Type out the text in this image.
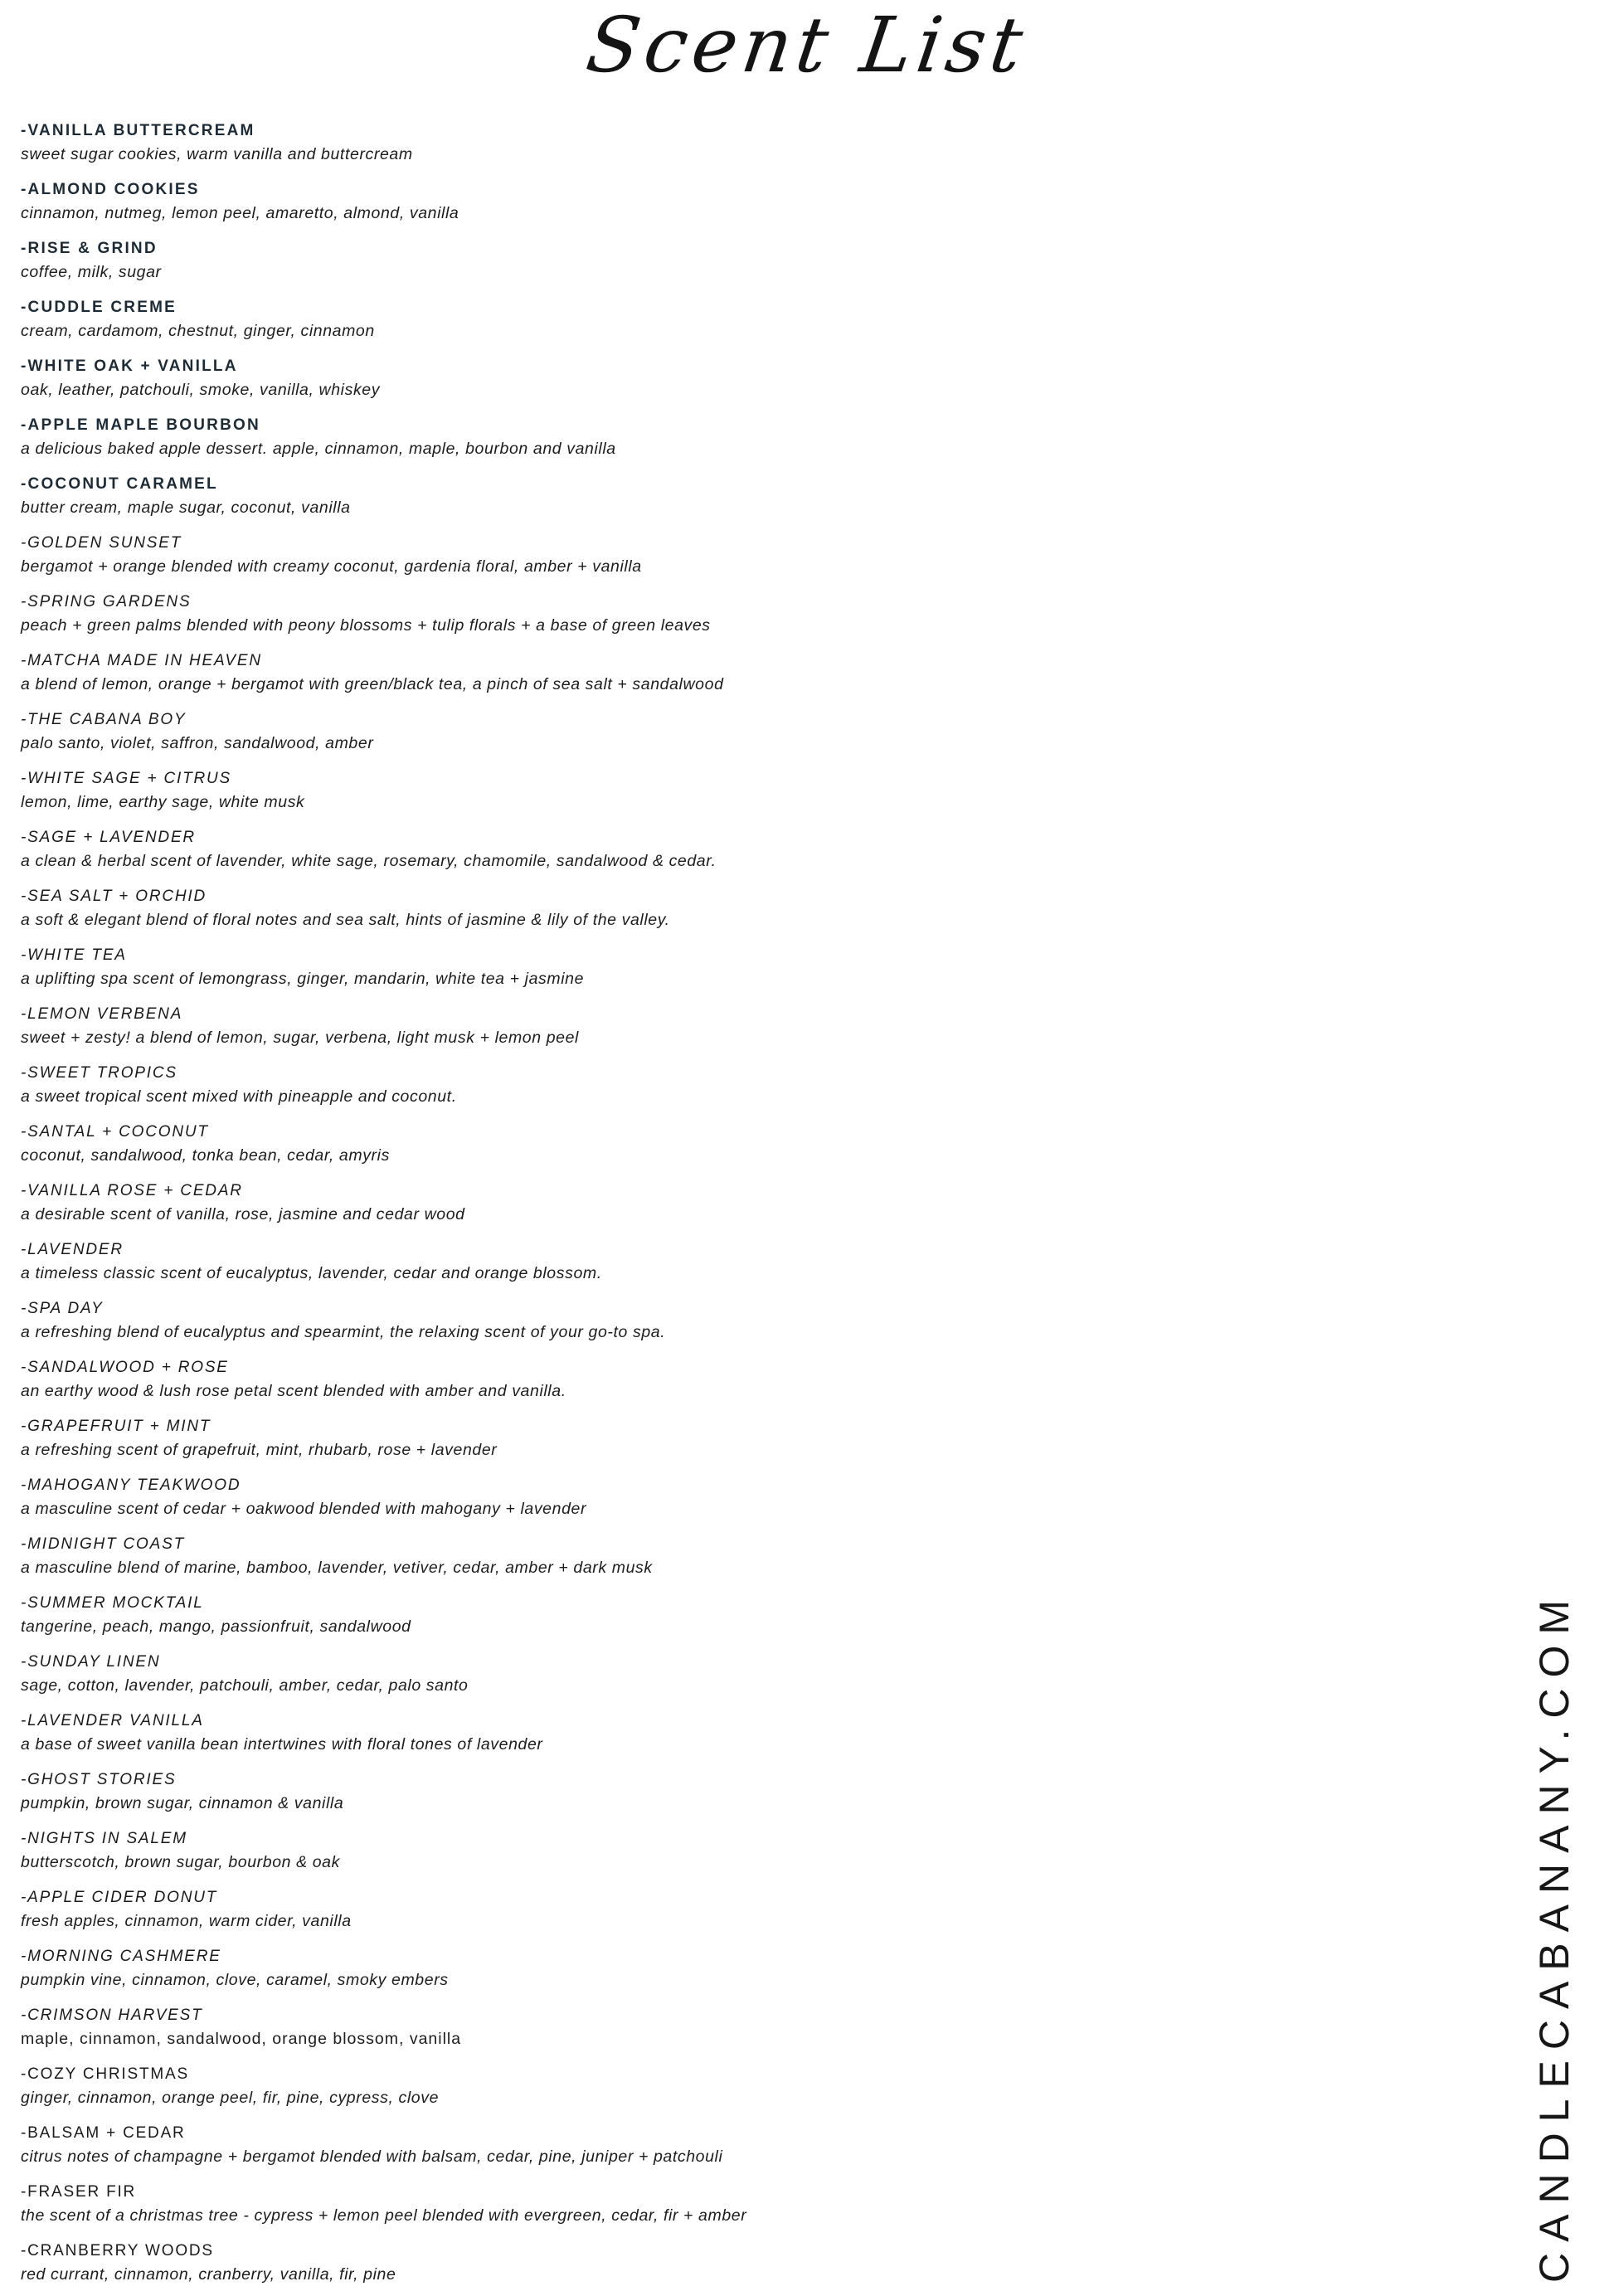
Scent List
-VANILLA BUTTERCREAM

sweet sugar cookies, warm vanilla and buttercream

-ALMOND COOKIES

cinnamon, nutmeg, lemon peel, amaretto, almond, vanilla

-RISE & GRIND

coffee, milk, sugar

-CUDDLE CREME

cream, cardamom, chestnut, ginger, cinnamon

-WHITE OAK + VANILLA

oak, leather, patchouli, smoke, vanilla, whiskey

-APPLE MAPLE BOURBON

a delicious baked apple dessert. apple, cinnamon, maple, bourbon and vanilla

-COCONUT CARAMEL

butter cream, maple sugar, coconut, vanilla

-GOLDEN SUNSET

bergamot + orange blended with creamy coconut, gardenia floral, amber + vanilla

-SPRING GARDENS

peach + green palms blended with peony blossoms + tulip florals + a base of green leaves

-MATCHA MADE IN HEAVEN

a blend of lemon, orange + bergamot with green/black tea, a pinch of sea salt + sandalwood

-THE CABANA BOY

palo santo, violet, saffron, sandalwood, amber

-WHITE SAGE + CITRUS

lemon, lime, earthy sage, white musk

-SAGE + LAVENDER

a clean & herbal scent of lavender, white sage, rosemary, chamomile, sandalwood & cedar.

-SEA SALT + ORCHID

a soft & elegant blend of floral notes and sea salt, hints of jasmine & lily of the valley.

-WHITE TEA

a uplifting spa scent of lemongrass, ginger, mandarin, white tea + jasmine

-LEMON VERBENA

sweet + zesty! a blend of lemon, sugar, verbena, light musk + lemon peel

-SWEET TROPICS

a sweet tropical scent mixed with pineapple and coconut.

-SANTAL + COCONUT

coconut, sandalwood, tonka bean, cedar, amyris

-VANILLA ROSE + CEDAR

a desirable scent of vanilla, rose, jasmine and cedar wood

-LAVENDER

a timeless classic scent of eucalyptus, lavender, cedar and orange blossom.

-SPA DAY

a refreshing blend of eucalyptus and spearmint, the relaxing scent of your go-to spa.

-SANDALWOOD + ROSE

an earthy wood & lush rose petal scent blended with amber and vanilla.

-GRAPEFRUIT + MINT

a refreshing scent of grapefruit, mint, rhubarb, rose + lavender

-MAHOGANY TEAKWOOD

a masculine scent of cedar + oakwood blended with mahogany + lavender

-MIDNIGHT COAST

a masculine blend of marine, bamboo, lavender, vetiver, cedar, amber + dark musk

-SUMMER MOCKTAIL

tangerine, peach, mango, passionfruit, sandalwood

-SUNDAY LINEN

sage, cotton, lavender, patchouli, amber, cedar, palo santo

-LAVENDER VANILLA

a base of sweet vanilla bean intertwines with floral tones of lavender

-GHOST STORIES

pumpkin, brown sugar, cinnamon & vanilla

-NIGHTS IN SALEM

butterscotch, brown sugar, bourbon & oak

-APPLE CIDER DONUT

fresh apples, cinnamon, warm cider, vanilla

-MORNING CASHMERE

pumpkin vine, cinnamon, clove, caramel, smoky embers

-CRIMSON HARVEST

maple, cinnamon, sandalwood, orange blossom, vanilla

-COZY CHRISTMAS

ginger, cinnamon, orange peel, fir, pine, cypress, clove

-BALSAM + CEDAR

citrus notes of champagne + bergamot blended with balsam, cedar, pine, juniper + patchouli

-FRASER FIR

the scent of a christmas tree - cypress + lemon peel blended with evergreen, cedar, fir + amber

-CRANBERRY WOODS

red currant, cinnamon, cranberry, vanilla, fir, pine	CANDLECABANANY.COM
